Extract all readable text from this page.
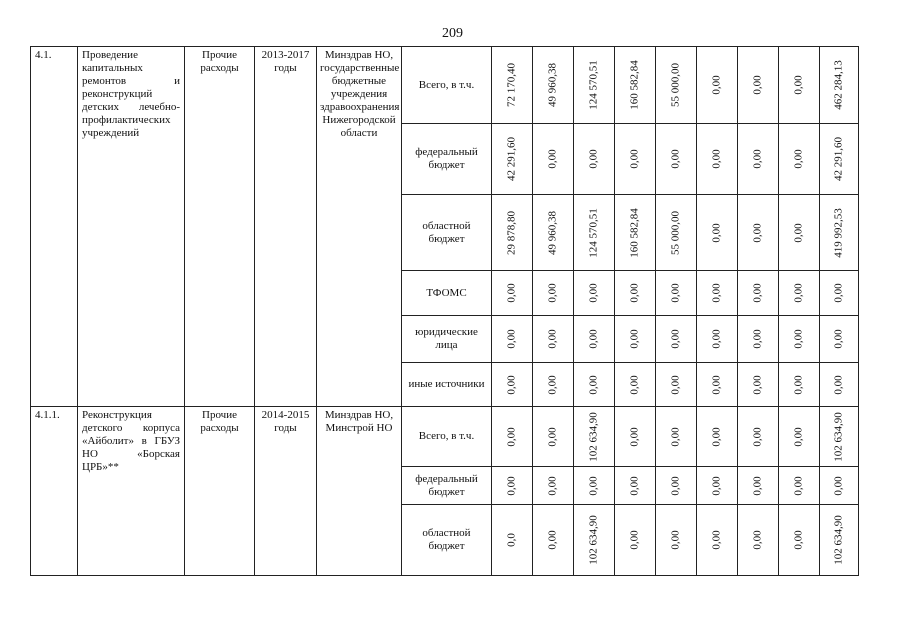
209
4.1.	Проведение капитальных ремонтов и реконструкций детских лечебно-профилактических учреждений	Прочие расходы	2013-2017 годы	Минздрав НО, государственные бюджетные учреждения здравоохранения Нижегородской области	Всего, в т.ч.	72 170,40	49 960,38	124 570,51	160 582,84	55 000,00	0,00	0,00	0,00	462 284,13

					федеральный бюджет	42 291,60	0,00	0,00	0,00	0,00	0,00	0,00	0,00	42 291,60

					областной бюджет	29 878,80	49 960,38	124 570,51	160 582,84	55 000,00	0,00	0,00	0,00	419 992,53

					ТФОМС	0,00	0,00	0,00	0,00	0,00	0,00	0,00	0,00	0,00

					юридические лица	0,00	0,00	0,00	0,00	0,00	0,00	0,00	0,00	0,00

					иные источники	0,00	0,00	0,00	0,00	0,00	0,00	0,00	0,00	0,00

4.1.1.	Реконструкция детского корпуса «Айболит» в ГБУЗ НО «Борская ЦРБ»**	Прочие расходы	2014-2015 годы	Минздрав НО, Минстрой НО	Всего, в т.ч.	0,00	0,00	102 634,90	0,00	0,00	0,00	0,00	0,00	102 634,90

					федеральный бюджет	0,00	0,00	0,00	0,00	0,00	0,00	0,00	0,00	0,00

					областной бюджет	0,0	0,00	102 634,90	0,00	0,00	0,00	0,00	0,00	102 634,90
